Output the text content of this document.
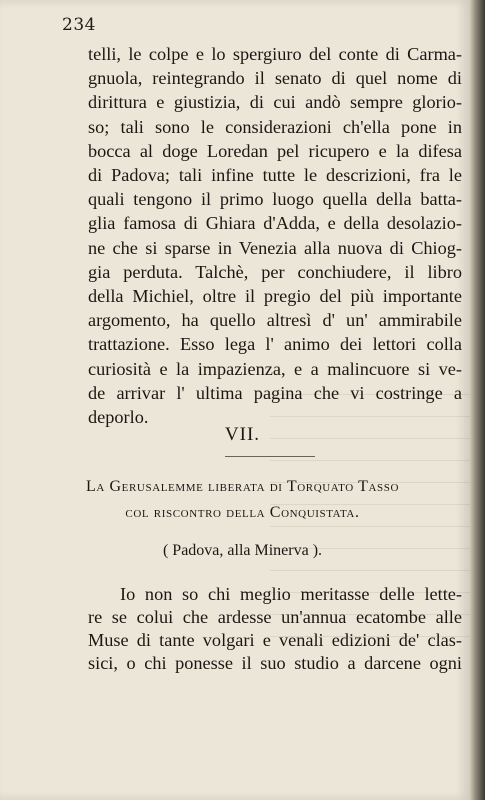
234
telli, le colpe e lo spergiuro del conte di Carma-
gnuola, reintegrando il senato di quel nome di
dirittura e giustizia, di cui andò sempre glorio-
so; tali sono le considerazioni ch'ella pone in
bocca al doge Loredan pel ricupero e la difesa
di Padova; tali infine tutte le descrizioni, fra le
quali tengono il primo luogo quella della batta-
glia famosa di Ghiara d'Adda, e della desolazio-
ne che si sparse in Venezia alla nuova di Chiog-
gia perduta. Talchè, per conchiudere, il libro
della Michiel, oltre il pregio del più importante
argomento, ha quello altresì d' un' ammirabile
trattazione. Esso lega l' animo dei lettori colla
curiosità e la impazienza, e a malincuore si ve-
de arrivar l' ultima pagina che vi costringe a
deporlo.
VII.
La Gerusalemme liberata di Torquato Tasso
col riscontro della Conquistata.
( Padova, alla Minerva ).
Io non so chi meglio meritasse delle lette-
re se colui che ardesse un'annua ecatombe alle
Muse di tante volgari e venali edizioni de' clas-
sici, o chi ponesse il suo studio a darcene ogni
